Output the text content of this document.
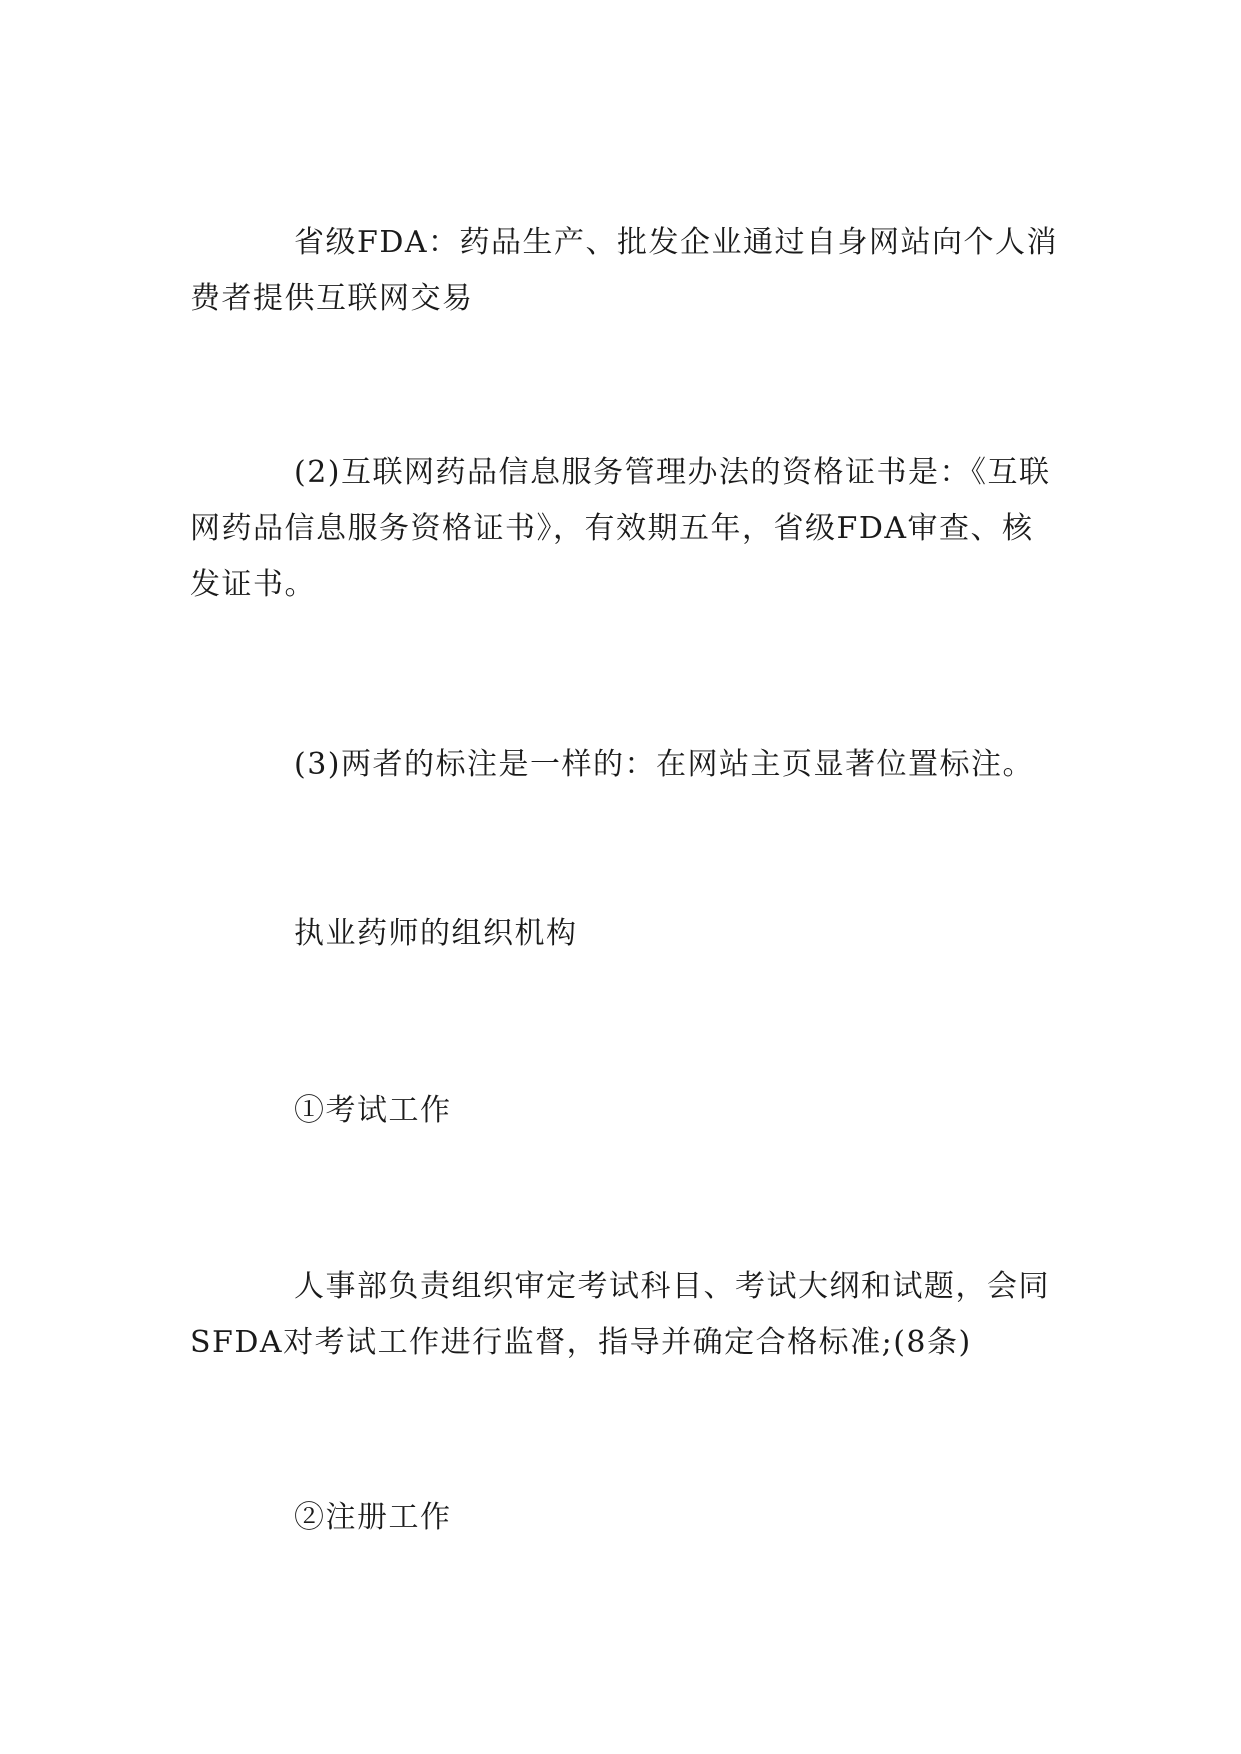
省级FDA：药品生产、批发企业通过自身网站向个人消费者提供互联网交易

(2)互联网药品信息服务管理办法的资格证书是：《互联网药品信息服务资格证书》，有效期五年，省级FDA审查、核发证书。

(3)两者的标注是一样的：在网站主页显著位置标注。

执业药师的组织机构

①考试工作

人事部负责组织审定考试科目、考试大纲和试题，会同SFDA对考试工作进行监督，指导并确定合格标准;(8条)

②注册工作
